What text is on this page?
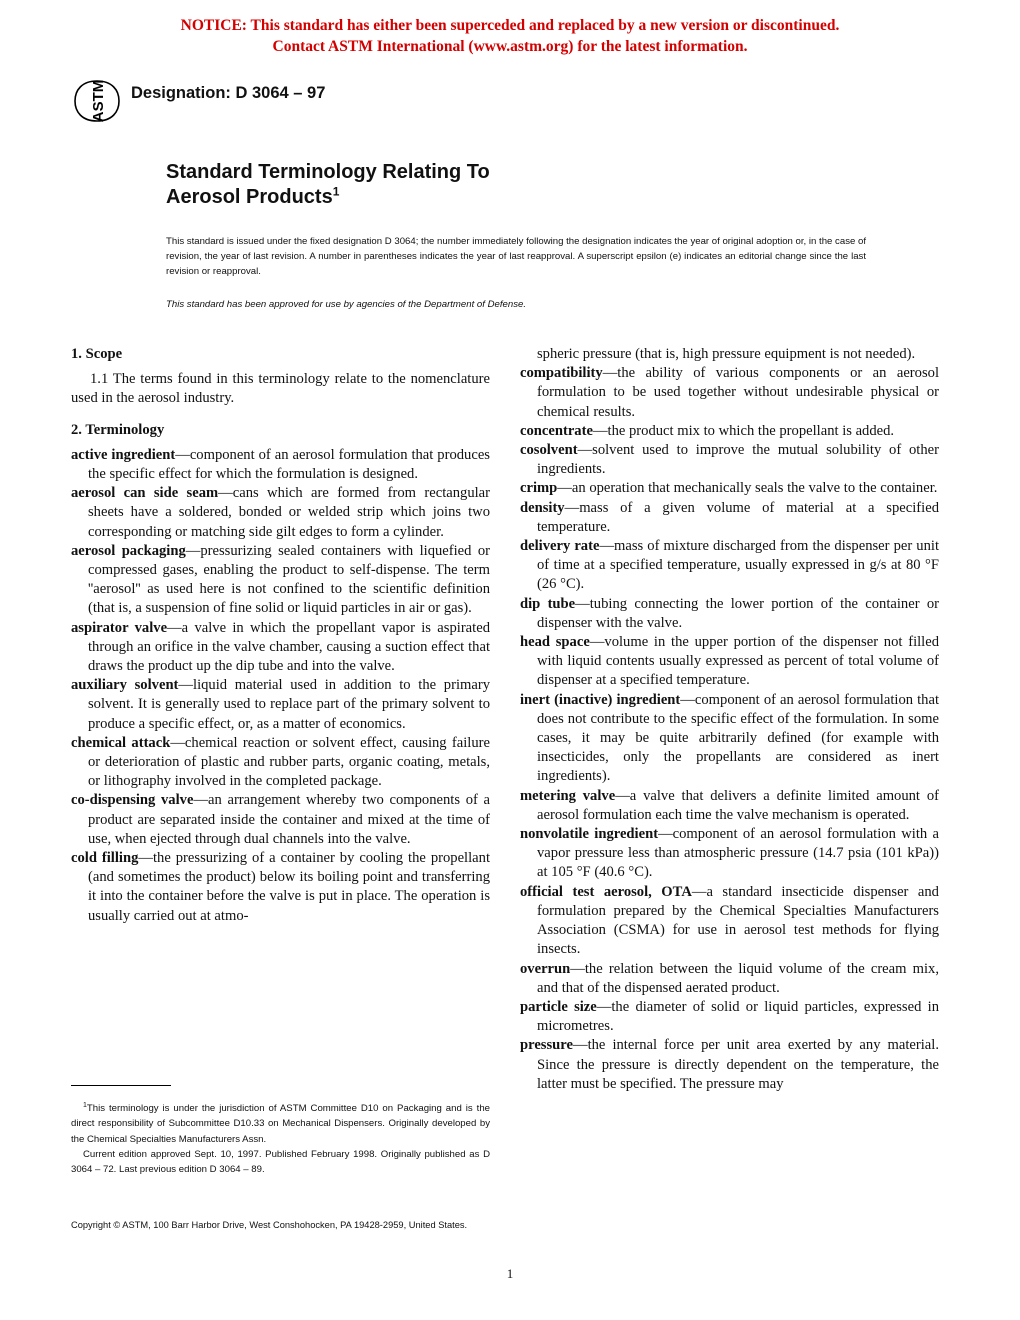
NOTICE: This standard has either been superceded and replaced by a new version or discontinued.
Contact ASTM International (www.astm.org) for the latest information.
ASTM Designation: D 3064 – 97
Standard Terminology Relating To
Aerosol Products$^1$
This standard is issued under the fixed designation D 3064; the number immediately following the designation indicates the year of original adoption or, in the case of revision, the year of last revision. A number in parentheses indicates the year of last reapproval. A superscript epsilon (e) indicates an editorial change since the last revision or reapproval.
This standard has been approved for use by agencies of the Department of Defense.

1. Scope

1.1 The terms found in this terminology relate to the nomenclature used in the aerosol industry.

2. Terminology

active ingredient—component of an aerosol formulation that produces the specific effect for which the formulation is designed.

aerosol can side seam—cans which are formed from rectangular sheets have a soldered, bonded or welded strip which joins two corresponding or matching side gilt edges to form a cylinder.

aerosol packaging—pressurizing sealed containers with liquefied or compressed gases, enabling the product to self-dispense. The term ''aerosol'' as used here is not confined to the scientific definition (that is, a suspension of fine solid or liquid particles in air or gas).

aspirator valve—a valve in which the propellant vapor is aspirated through an orifice in the valve chamber, causing a suction effect that draws the product up the dip tube and into the valve.

auxiliary solvent—liquid material used in addition to the primary solvent. It is generally used to replace part of the primary solvent to produce a specific effect, or, as a matter of economics.

chemical attack—chemical reaction or solvent effect, causing failure or deterioration of plastic and rubber parts, organic coating, metals, or lithography involved in the completed package.

co-dispensing valve—an arrangement whereby two components of a product are separated inside the container and mixed at the time of use, when ejected through dual channels into the valve.

cold filling—the pressurizing of a container by cooling the propellant (and sometimes the product) below its boiling point and transferring it into the container before the valve is put in place. The operation is usually carried out at atmo-

spheric pressure (that is, high pressure equipment is not needed).

compatibility—the ability of various components or an aerosol formulation to be used together without undesirable physical or chemical results.

concentrate—the product mix to which the propellant is added.

cosolvent—solvent used to improve the mutual solubility of other ingredients.

crimp—an operation that mechanically seals the valve to the container.

density—mass of a given volume of material at a specified temperature.

delivery rate—mass of mixture discharged from the dispenser per unit of time at a specified temperature, usually expressed in g/s at 80 °F (26 °C).

dip tube—tubing connecting the lower portion of the container or dispenser with the valve.

head space—volume in the upper portion of the dispenser not filled with liquid contents usually expressed as percent of total volume of dispenser at a specified temperature.

inert (inactive) ingredient—component of an aerosol formulation that does not contribute to the specific effect of the formulation. In some cases, it may be quite arbitrarily defined (for example with insecticides, only the propellants are considered as inert ingredients).

metering valve—a valve that delivers a definite limited amount of aerosol formulation each time the valve mechanism is operated.

nonvolatile ingredient—component of an aerosol formulation with a vapor pressure less than atmospheric pressure (14.7 psia (101 kPa)) at 105 °F (40.6 °C).

official test aerosol, OTA—a standard insecticide dispenser and formulation prepared by the Chemical Specialties Manufacturers Association (CSMA) for use in aerosol test methods for flying insects.

overrun—the relation between the liquid volume of the cream mix, and that of the dispensed aerated product.

particle size—the diameter of solid or liquid particles, expressed in micrometres.

pressure—the internal force per unit area exerted by any material. Since the pressure is directly dependent on the temperature, the latter must be specified. The pressure may

$^1$This terminology is under the jurisdiction of ASTM Committee D10 on Packaging and is the direct responsibility of Subcommittee D10.33 on Mechanical Dispensers. Originally developed by the Chemical Specialties Manufacturers Assn.

Current edition approved Sept. 10, 1997. Published February 1998. Originally published as D 3064 – 72. Last previous edition D 3064 – 89.

Copyright © ASTM, 100 Barr Harbor Drive, West Conshohocken, PA 19428-2959, United States.
1
